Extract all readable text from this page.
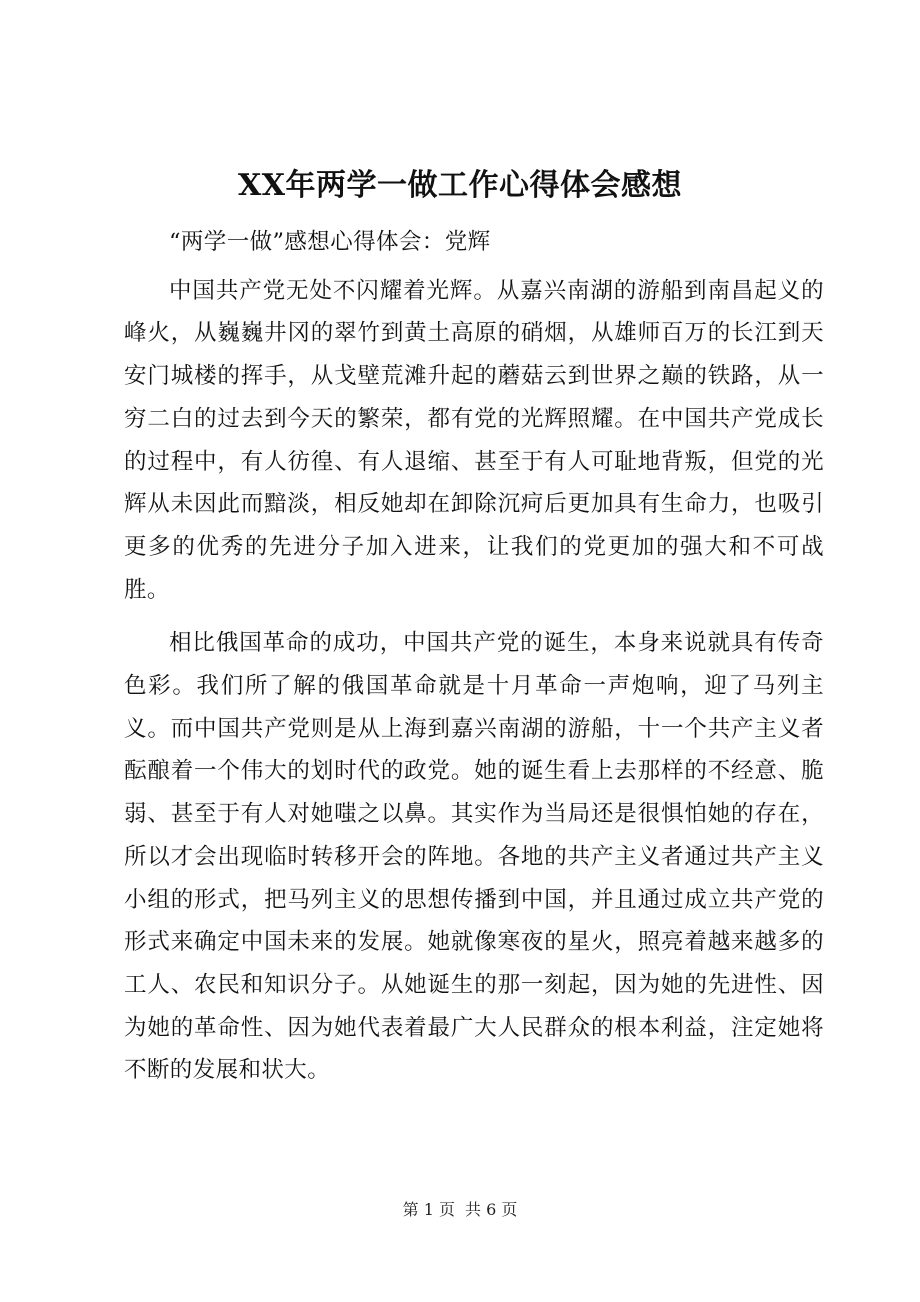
XX年两学一做工作心得体会感想

“两学一做”感想心得体会：党辉

中国共产党无处不闪耀着光辉。从嘉兴南湖的游船到南昌起义的峰火，从巍巍井冈的翠竹到黄土高原的硝烟，从雄师百万的长江到天安门城楼的挥手，从戈壁荒滩升起的蘑菇云到世界之巅的铁路，从一穷二白的过去到今天的繁荣，都有党的光辉照耀。在中国共产党成长的过程中，有人彷徨、有人退缩、甚至于有人可耻地背叛，但党的光辉从未因此而黯淡，相反她却在卸除沉疴后更加具有生命力，也吸引更多的优秀的先进分子加入进来，让我们的党更加的强大和不可战胜。

相比俄国革命的成功，中国共产党的诞生，本身来说就具有传奇色彩。我们所了解的俄国革命就是十月革命一声炮响，迎了马列主义。而中国共产党则是从上海到嘉兴南湖的游船，十一个共产主义者酝酿着一个伟大的划时代的政党。她的诞生看上去那样的不经意、脆弱、甚至于有人对她嗤之以鼻。其实作为当局还是很惧怕她的存在，所以才会出现临时转移开会的阵地。各地的共产主义者通过共产主义小组的形式，把马列主义的思想传播到中国，并且通过成立共产党的形式来确定中国未来的发展。她就像寒夜的星火，照亮着越来越多的工人、农民和知识分子。从她诞生的那一刻起，因为她的先进性、因为她的革命性、因为她代表着最广大人民群众的根本利益，注定她将不断的发展和状大。

第 1 页 共 6 页
